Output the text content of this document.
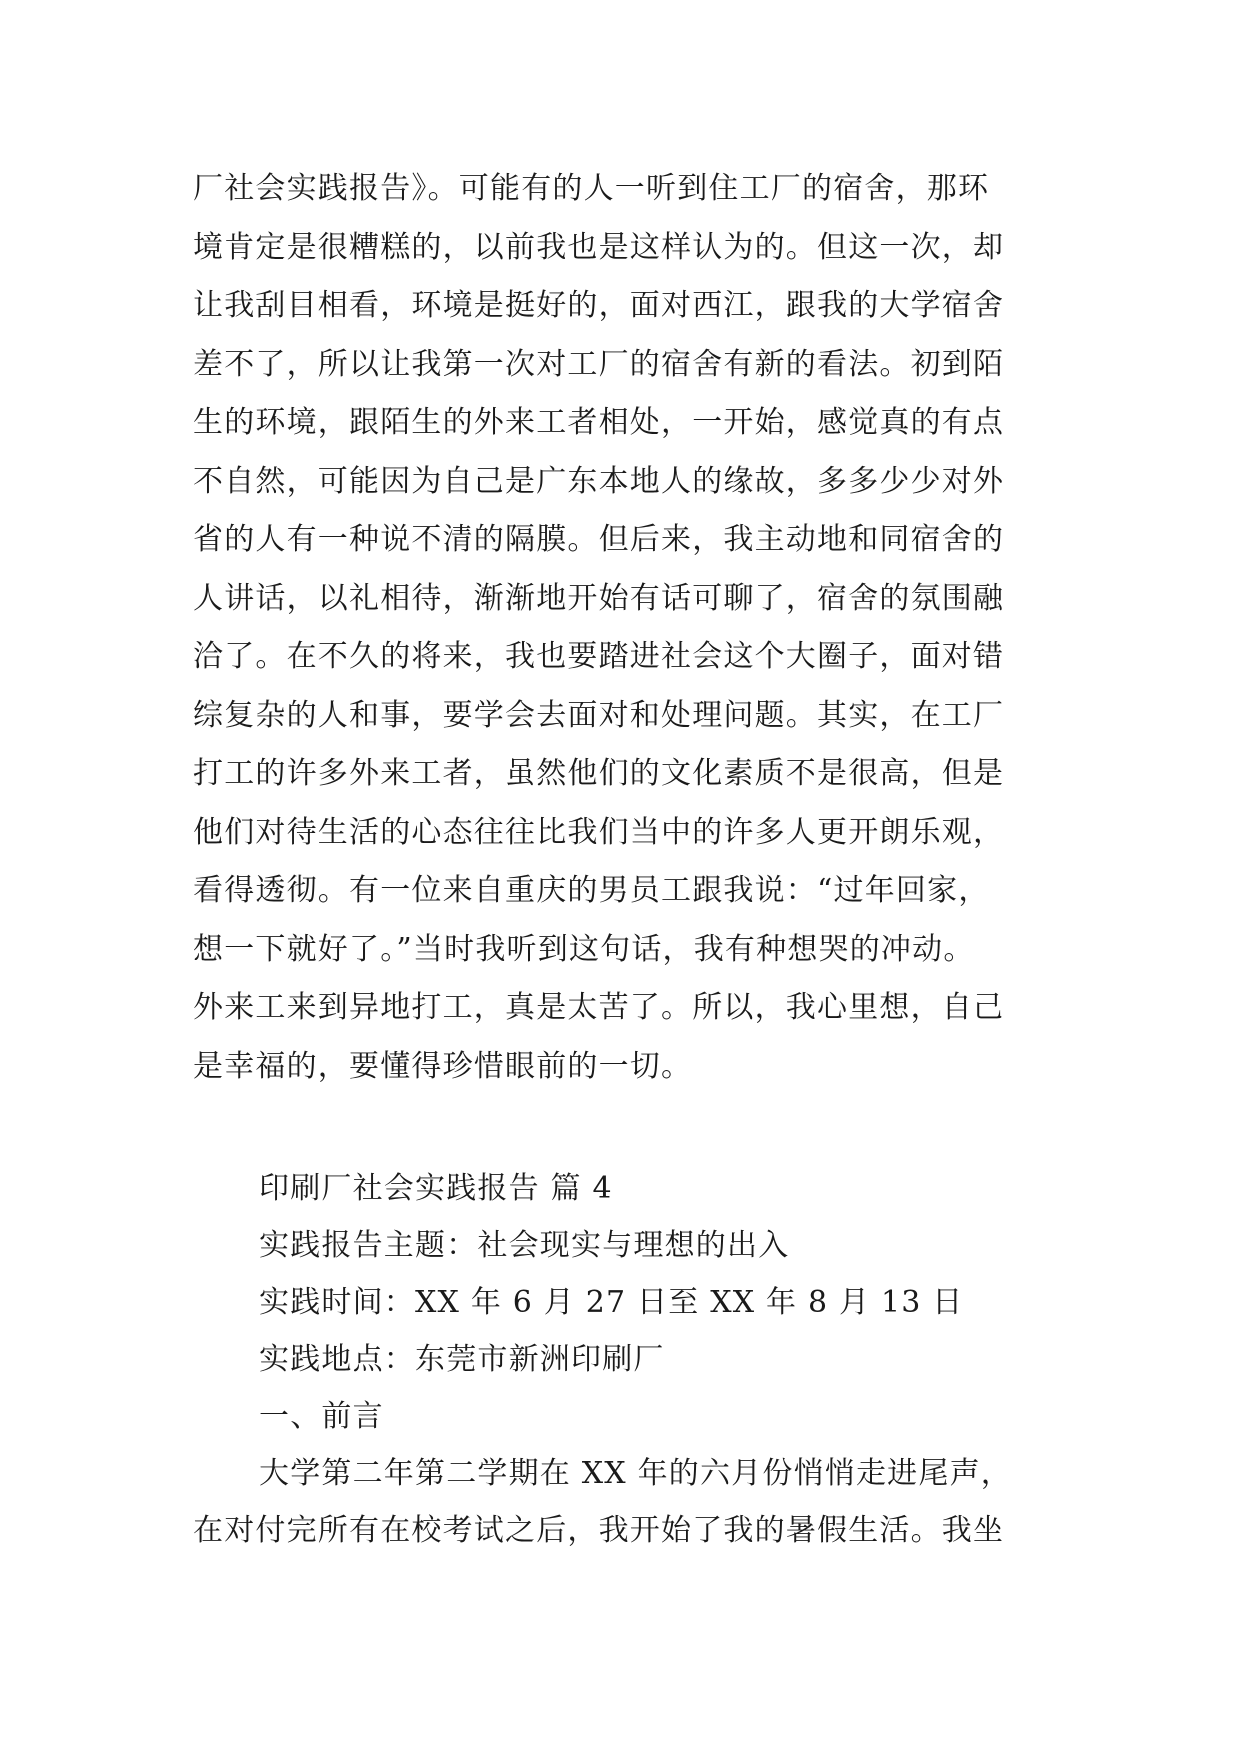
厂社会实践报告》。可能有的人一听到住工厂的宿舍，那环
境肯定是很糟糕的，以前我也是这样认为的。但这一次，却
让我刮目相看，环境是挺好的，面对西江，跟我的大学宿舍
差不了，所以让我第一次对工厂的宿舍有新的看法。初到陌
生的环境，跟陌生的外来工者相处，一开始，感觉真的有点
不自然，可能因为自己是广东本地人的缘故，多多少少对外
省的人有一种说不清的隔膜。但后来，我主动地和同宿舍的
人讲话，以礼相待，渐渐地开始有话可聊了，宿舍的氛围融
洽了。在不久的将来，我也要踏进社会这个大圈子，面对错
综复杂的人和事，要学会去面对和处理问题。其实，在工厂
打工的许多外来工者，虽然他们的文化素质不是很高，但是
他们对待生活的心态往往比我们当中的许多人更开朗乐观，
看得透彻。有一位来自重庆的男员工跟我说：“过年回家，
想一下就好了。”当时我听到这句话，我有种想哭的冲动。
外来工来到异地打工，真是太苦了。所以，我心里想，自己
是幸福的，要懂得珍惜眼前的一切。
印刷厂社会实践报告 篇 4
实践报告主题：社会现实与理想的出入
实践时间：XX 年 6 月 27 日至 XX 年 8 月 13 日
实践地点：东莞市新洲印刷厂
一、前言
大学第二年第二学期在 XX 年的六月份悄悄走进尾声，
在对付完所有在校考试之后，我开始了我的暑假生活。我坐
